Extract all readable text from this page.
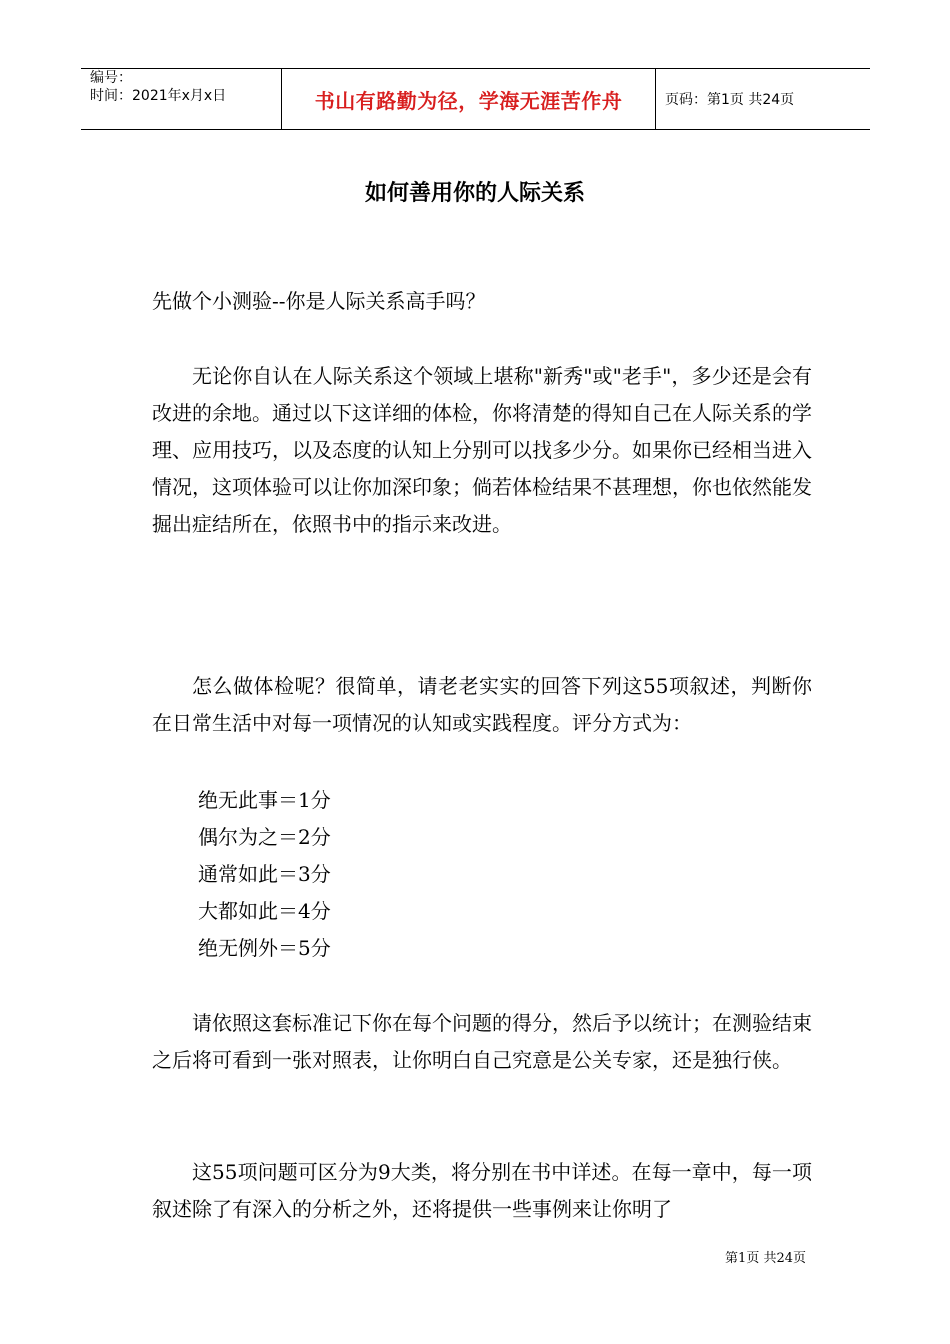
编号：
时间：2021年x月x日	书山有路勤为径，学海无涯苦作舟	页码：第1页 共24页
如何善用你的人际关系
先做个小测验--你是人际关系高手吗？
无论你自认在人际关系这个领域上堪称"新秀"或"老手"，多少还是会有改进的余地。通过以下这详细的体检，你将清楚的得知自己在人际关系的学理、应用技巧，以及态度的认知上分别可以找多少分。如果你已经相当进入情况，这项体验可以让你加深印象；倘若体检结果不甚理想，你也依然能发掘出症结所在，依照书中的指示来改进。
怎么做体检呢？很简单，请老老实实的回答下列这55项叙述，判断你在日常生活中对每一项情况的认知或实践程度。评分方式为：
绝无此事＝1分
偶尔为之＝2分
通常如此＝3分
大都如此＝4分
绝无例外＝5分
请依照这套标准记下你在每个问题的得分，然后予以统计；在测验结束之后将可看到一张对照表，让你明白自己究意是公关专家，还是独行侠。
这55项问题可区分为9大类，将分别在书中详述。在每一章中，每一项叙述除了有深入的分析之外，还将提供一些事例来让你明了
第1页 共24页
